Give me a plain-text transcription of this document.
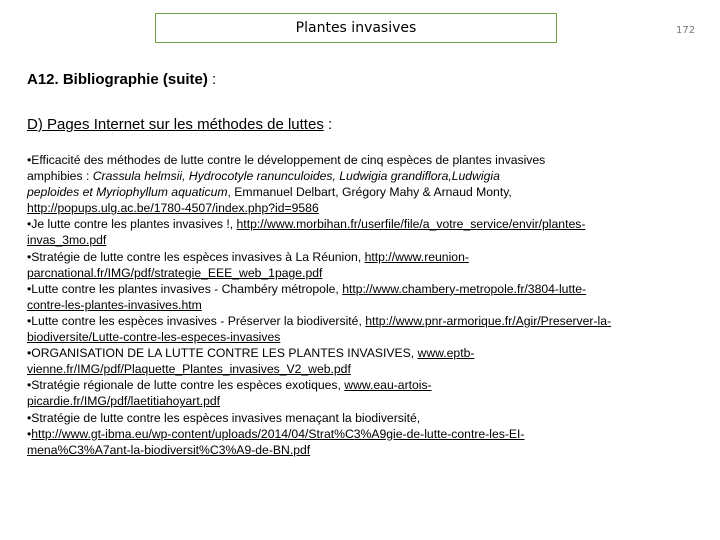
Plantes invasives	172
A12. Bibliographie (suite) :
D) Pages Internet sur les méthodes de luttes :
•Efficacité des méthodes de lutte contre le développement de cinq espèces de plantes invasives
amphibies : Crassula helmsii, Hydrocotyle ranunculoides, Ludwigia grandiflora,Ludwigia
peploides et Myriophyllum aquaticum, Emmanuel Delbart, Grégory Mahy & Arnaud Monty,
http://popups.ulg.ac.be/1780-4507/index.php?id=9586
•Je lutte contre les plantes invasives !, http://www.morbihan.fr/userfile/file/a_votre_service/envir/plantes-
invas_3mo.pdf
•Stratégie de lutte contre les espèces invasives à La Réunion, http://www.reunion-
parcnational.fr/IMG/pdf/strategie_EEE_web_1page.pdf
•Lutte contre les plantes invasives - Chambéry métropole, http://www.chambery-metropole.fr/3804-lutte-
contre-les-plantes-invasives.htm
•Lutte contre les espèces invasives - Préserver la biodiversité, http://www.pnr-armorique.fr/Agir/Preserver-la-
biodiversite/Lutte-contre-les-especes-invasives
•ORGANISATION DE LA LUTTE CONTRE LES PLANTES INVASIVES, www.eptb-
vienne.fr/IMG/pdf/Plaquette_Plantes_invasives_V2_web.pdf
•Stratégie régionale de lutte contre les espèces exotiques, www.eau-artois-
picardie.fr/IMG/pdf/laetitiahoyart.pdf
•Stratégie de lutte contre les espèces invasives menaçant la biodiversité,
•http://www.gt-ibma.eu/wp-content/uploads/2014/04/Strat%C3%A9gie-de-lutte-contre-les-EI-
mena%C3%A7ant-la-biodiversit%C3%A9-de-BN.pdf
